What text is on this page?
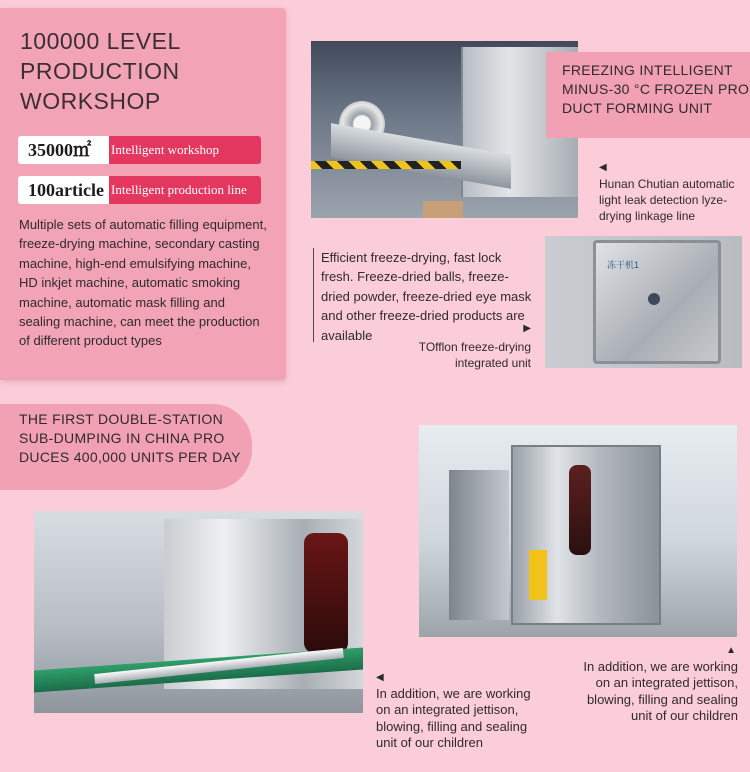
100000 LEVEL PRODUCTION WORKSHOP
35000㎡	Intelligent workshop
100article Intelligent production line

Multiple sets of automatic filling equipment, freeze-drying machine, secondary casting machine, high-end emulsifying machine, HD inkjet machine, automatic smoking machine, automatic mask filling and sealing machine, can meet the production of different product types

FREEZING INTELLIGENT MINUS-30 °C FROZEN PRO DUCT FORMING UNIT
◀
Hunan Chutian automatic light leak detection lyze-drying linkage line
Efficient freeze-drying, fast lock fresh. Freeze-dried balls, freeze-dried powder, freeze-dried eye mask and other freeze-dried products are available	▶
TOfflon freeze-drying integrated unit
冻干机1
THE FIRST DOUBLE-STATION SUB-DUMPING IN CHINA PRO DUCES 400,000 UNITS PER DAY
◀
In addition, we are working on an integrated jettison, blowing, filling and sealing unit of our children
▲
In addition, we are working on an integrated jettison, blowing, filling and sealing unit of our children
